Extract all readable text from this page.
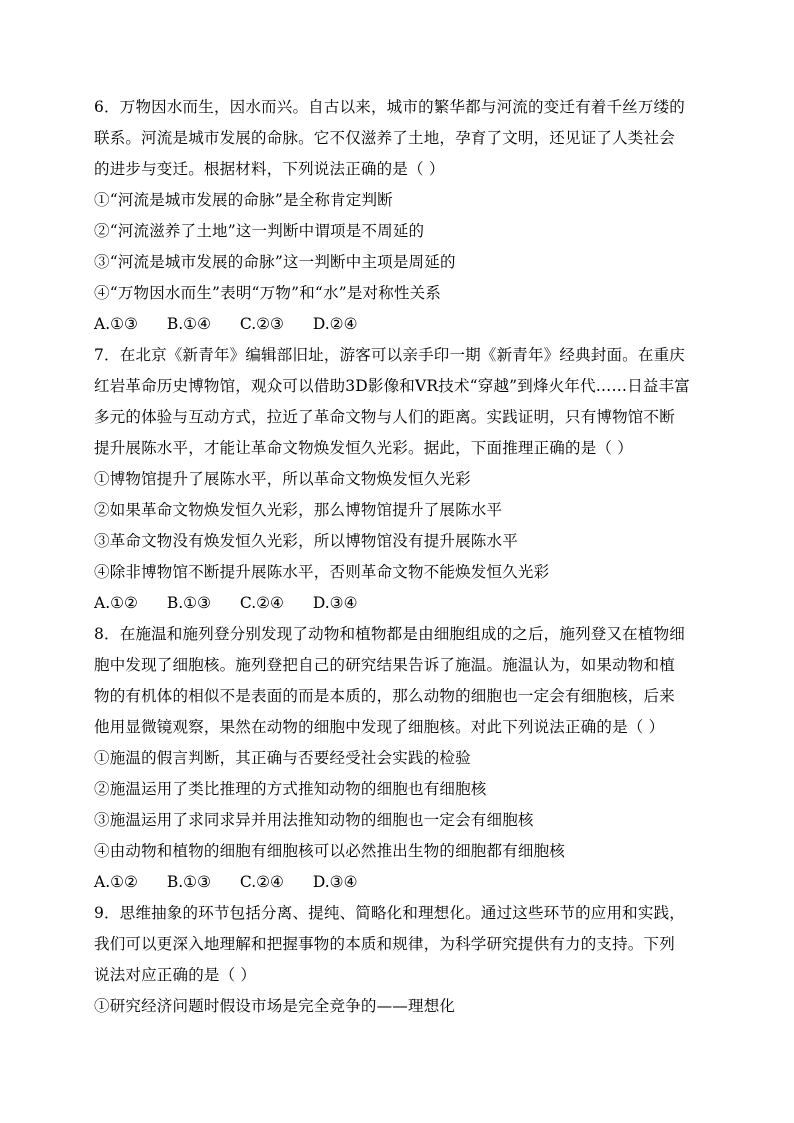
6．万物因水而生，因水而兴。自古以来，城市的繁华都与河流的变迁有着千丝万缕的
联系。河流是城市发展的命脉。它不仅滋养了土地，孕育了文明，还见证了人类社会
的进步与变迁。根据材料，下列说法正确的是（ ）
①“河流是城市发展的命脉”是全称肯定判断
②“河流滋养了土地”这一判断中谓项是不周延的
③“河流是城市发展的命脉”这一判断中主项是周延的
④“万物因水而生”表明“万物”和“水”是对称性关系
A.①③ B.①④ C.②③ D.②④
7．在北京《新青年》编辑部旧址，游客可以亲手印一期《新青年》经典封面。在重庆
红岩革命历史博物馆，观众可以借助3D影像和VR技术“穿越”到烽火年代……日益丰富
多元的体验与互动方式，拉近了革命文物与人们的距离。实践证明，只有博物馆不断
提升展陈水平，才能让革命文物焕发恒久光彩。据此，下面推理正确的是（ ）
①博物馆提升了展陈水平，所以革命文物焕发恒久光彩
②如果革命文物焕发恒久光彩，那么博物馆提升了展陈水平
③革命文物没有焕发恒久光彩，所以博物馆没有提升展陈水平
④除非博物馆不断提升展陈水平，否则革命文物不能焕发恒久光彩
A.①② B.①③ C.②④ D.③④
8．在施温和施列登分别发现了动物和植物都是由细胞组成的之后，施列登又在植物细
胞中发现了细胞核。施列登把自己的研究结果告诉了施温。施温认为，如果动物和植
物的有机体的相似不是表面的而是本质的，那么动物的细胞也一定会有细胞核，后来
他用显微镜观察，果然在动物的细胞中发现了细胞核。对此下列说法正确的是（ ）
①施温的假言判断，其正确与否要经受社会实践的检验
②施温运用了类比推理的方式推知动物的细胞也有细胞核
③施温运用了求同求异并用法推知动物的细胞也一定会有细胞核
④由动物和植物的细胞有细胞核可以必然推出生物的细胞都有细胞核
A.①② B.①③ C.②④ D.③④
9．思维抽象的环节包括分离、提纯、简略化和理想化。通过这些环节的应用和实践，
我们可以更深入地理解和把握事物的本质和规律，为科学研究提供有力的支持。下列
说法对应正确的是（ ）
①研究经济问题时假设市场是完全竞争的——理想化
